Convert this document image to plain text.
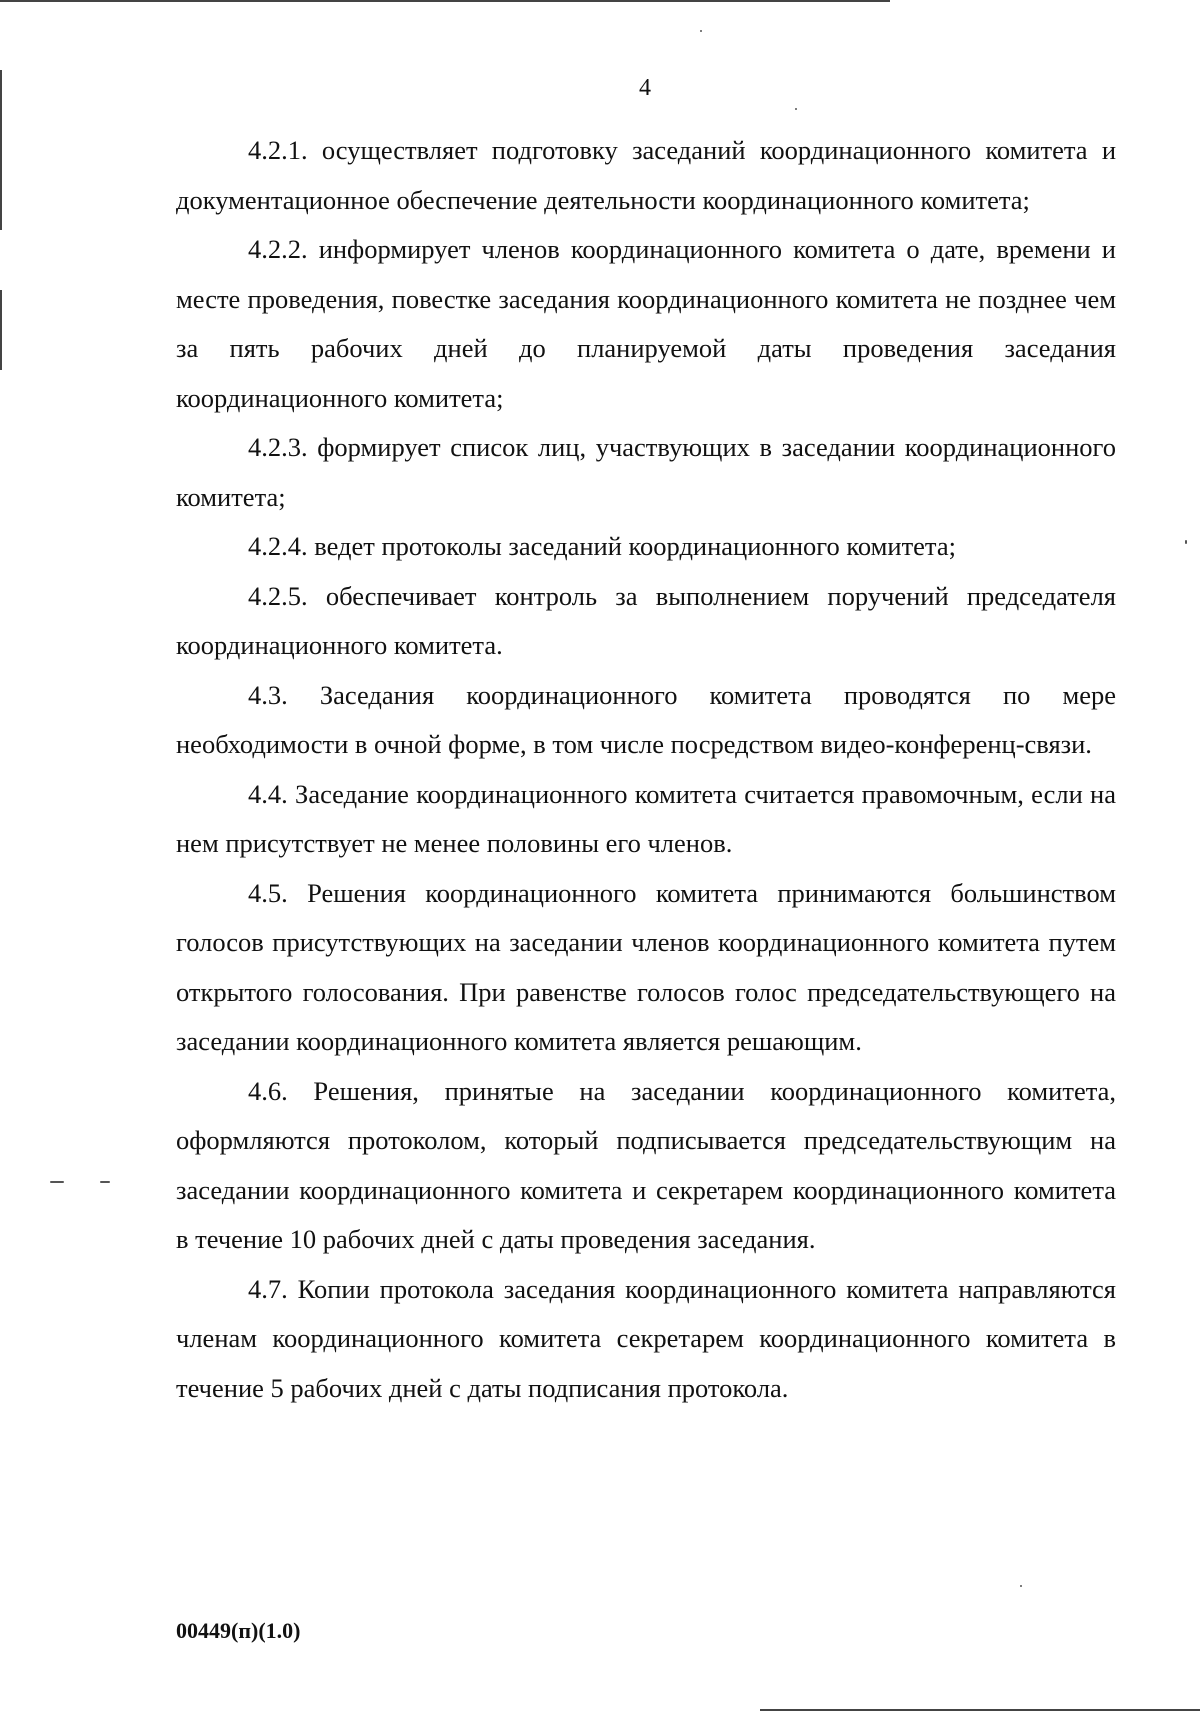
4

4.2.1. осуществляет подготовку заседаний координационного комитета и документационное обеспечение деятельности координационного комитета;

4.2.2. информирует членов координационного комитета о дате, времени и месте проведения, повестке заседания координационного комитета не позднее чем за пять рабочих дней до планируемой даты проведения заседания координационного комитета;

4.2.3. формирует список лиц, участвующих в заседании координационного комитета;

4.2.4. ведет протоколы заседаний координационного комитета;

4.2.5. обеспечивает контроль за выполнением поручений председателя координационного комитета.

4.3. Заседания координационного комитета проводятся по мере необходимости в очной форме, в том числе посредством видео-конференц-связи.

4.4. Заседание координационного комитета считается правомочным, если на нем присутствует не менее половины его членов.

4.5. Решения координационного комитета принимаются большинством голосов присутствующих на заседании членов координационного комитета путем открытого голосования. При равенстве голосов голос председательствующего на заседании координационного комитета является решающим.

4.6. Решения, принятые на заседании координационного комитета, оформляются протоколом, который подписывается председательствующим на заседании координационного комитета и секретарем координационного комитета в течение 10 рабочих дней с даты проведения заседания.

4.7. Копии протокола заседания координационного комитета направляются членам координационного комитета секретарем координационного комитета в течение 5 рабочих дней с даты подписания протокола.

00449(п)(1.0)
